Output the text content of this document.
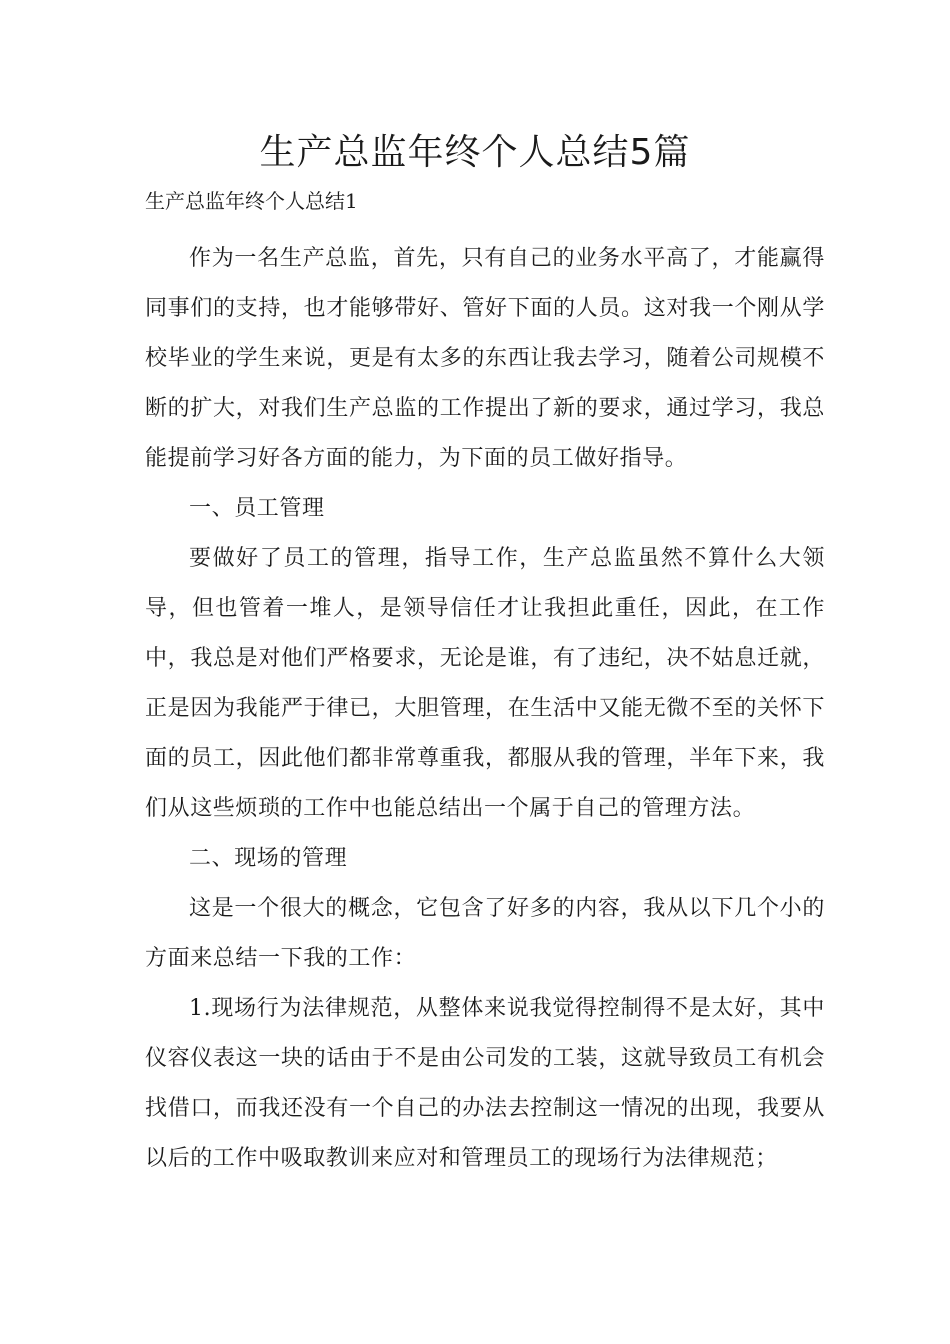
生产总监年终个人总结5篇

生产总监年终个人总结1

作为一名生产总监，首先，只有自己的业务水平高了，才能赢得同事们的支持，也才能够带好、管好下面的人员。这对我一个刚从学校毕业的学生来说，更是有太多的东西让我去学习，随着公司规模不断的扩大，对我们生产总监的工作提出了新的要求，通过学习，我总能提前学习好各方面的能力，为下面的员工做好指导。

一、员工管理

要做好了员工的管理，指导工作，生产总监虽然不算什么大领导，但也管着一堆人，是领导信任才让我担此重任，因此，在工作中，我总是对他们严格要求，无论是谁，有了违纪，决不姑息迁就，正是因为我能严于律已，大胆管理，在生活中又能无微不至的关怀下面的员工，因此他们都非常尊重我，都服从我的管理，半年下来，我们从这些烦琐的工作中也能总结出一个属于自己的管理方法。

二、现场的管理

这是一个很大的概念，它包含了好多的内容，我从以下几个小的方面来总结一下我的工作：

1.现场行为法律规范，从整体来说我觉得控制得不是太好，其中仪容仪表这一块的话由于不是由公司发的工装，这就导致员工有机会找借口，而我还没有一个自己的办法去控制这一情况的出现，我要从以后的工作中吸取教训来应对和管理员工的现场行为法律规范；
